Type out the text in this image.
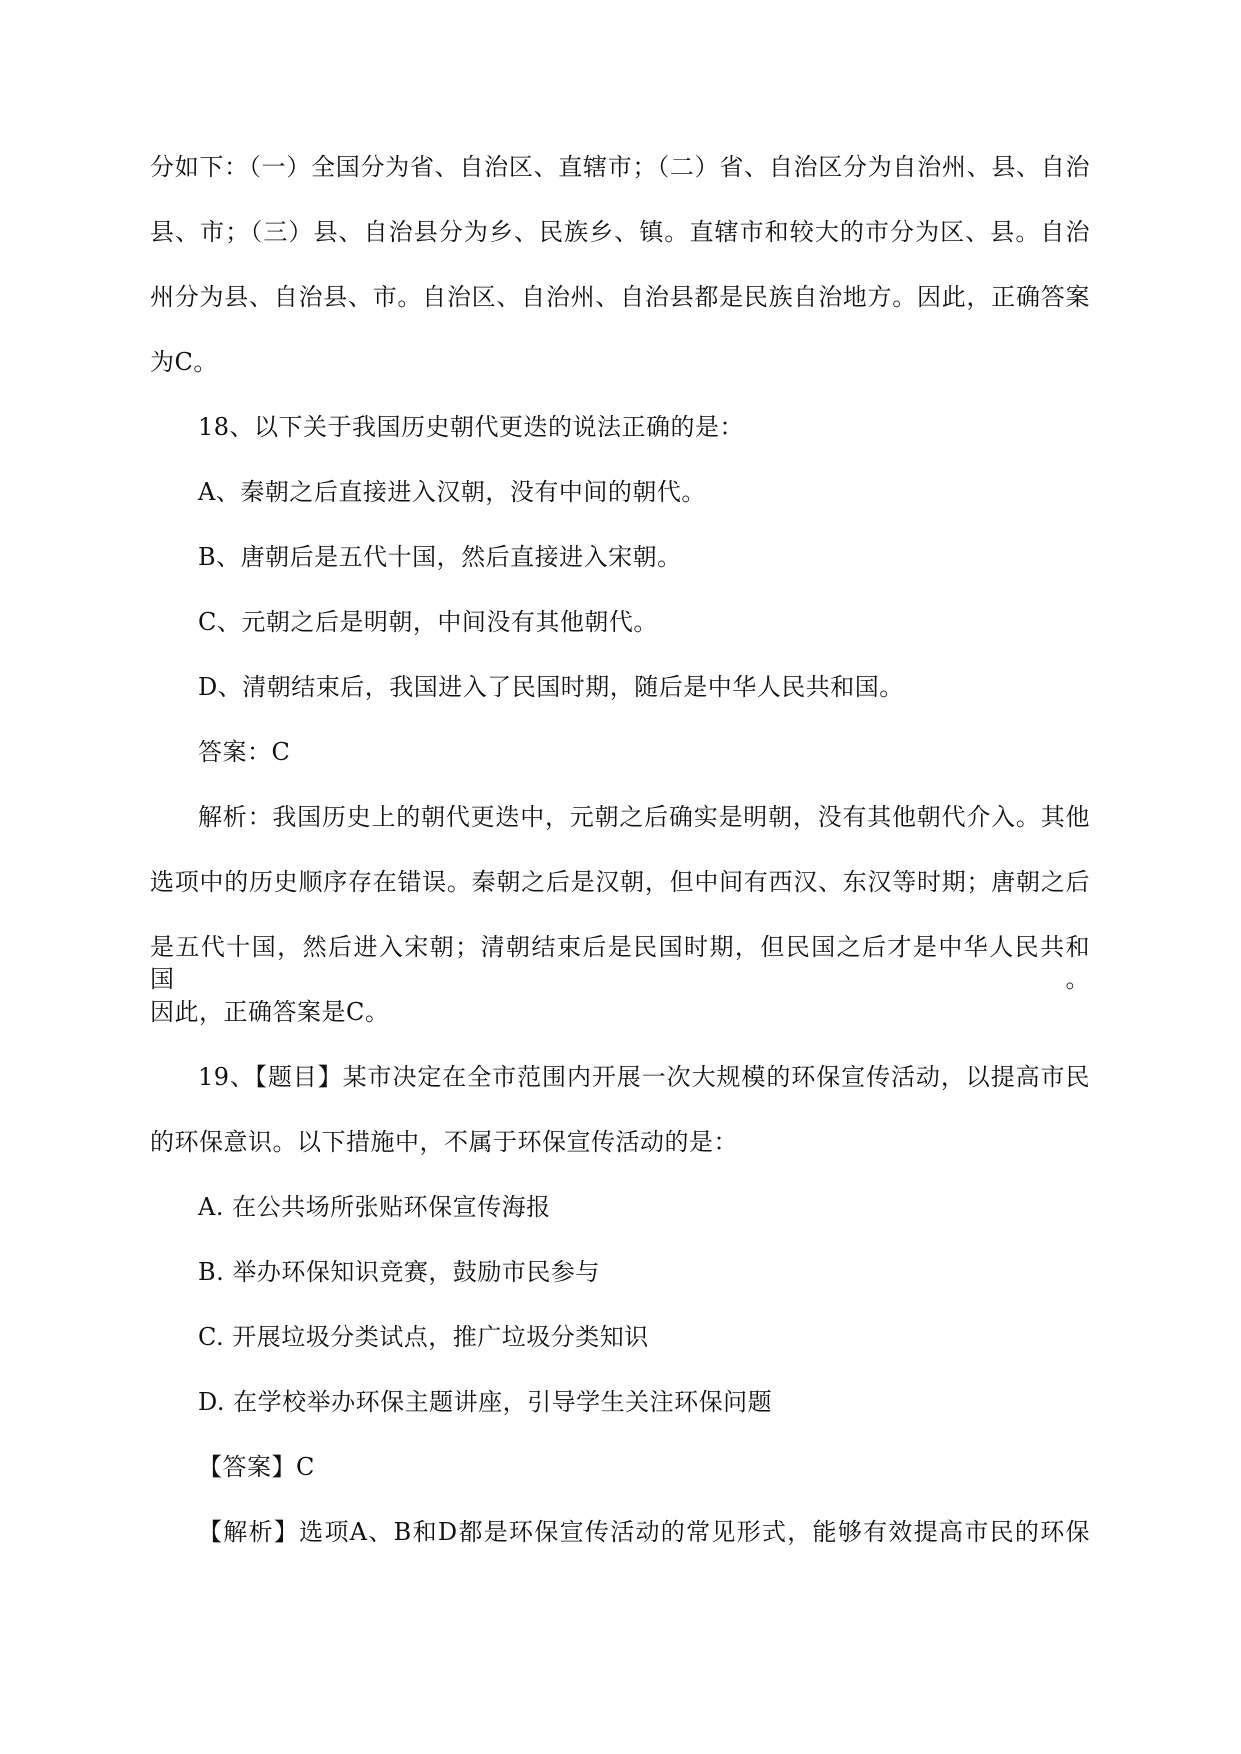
分如下：（一）全国分为省、自治区、直辖市；（二）省、自治区分为自治州、县、自治
县、市；（三）县、自治县分为乡、民族乡、镇。直辖市和较大的市分为区、县。自治
州分为县、自治县、市。自治区、自治州、自治县都是民族自治地方。因此，正确答案
为C。
18、以下关于我国历史朝代更迭的说法正确的是：
A、秦朝之后直接进入汉朝，没有中间的朝代。
B、唐朝后是五代十国，然后直接进入宋朝。
C、元朝之后是明朝，中间没有其他朝代。
D、清朝结束后，我国进入了民国时期，随后是中华人民共和国。
答案：C
解析：我国历史上的朝代更迭中，元朝之后确实是明朝，没有其他朝代介入。其他
选项中的历史顺序存在错误。秦朝之后是汉朝，但中间有西汉、东汉等时期；唐朝之后
是五代十国，然后进入宋朝；清朝结束后是民国时期，但民国之后才是中华人民共和国。
因此，正确答案是C。
19、【题目】某市决定在全市范围内开展一次大规模的环保宣传活动，以提高市民
的环保意识。以下措施中，不属于环保宣传活动的是：
A. 在公共场所张贴环保宣传海报
B. 举办环保知识竞赛，鼓励市民参与
C. 开展垃圾分类试点，推广垃圾分类知识
D. 在学校举办环保主题讲座，引导学生关注环保问题
【答案】C
【解析】选项A、B和D都是环保宣传活动的常见形式，能够有效提高市民的环保
